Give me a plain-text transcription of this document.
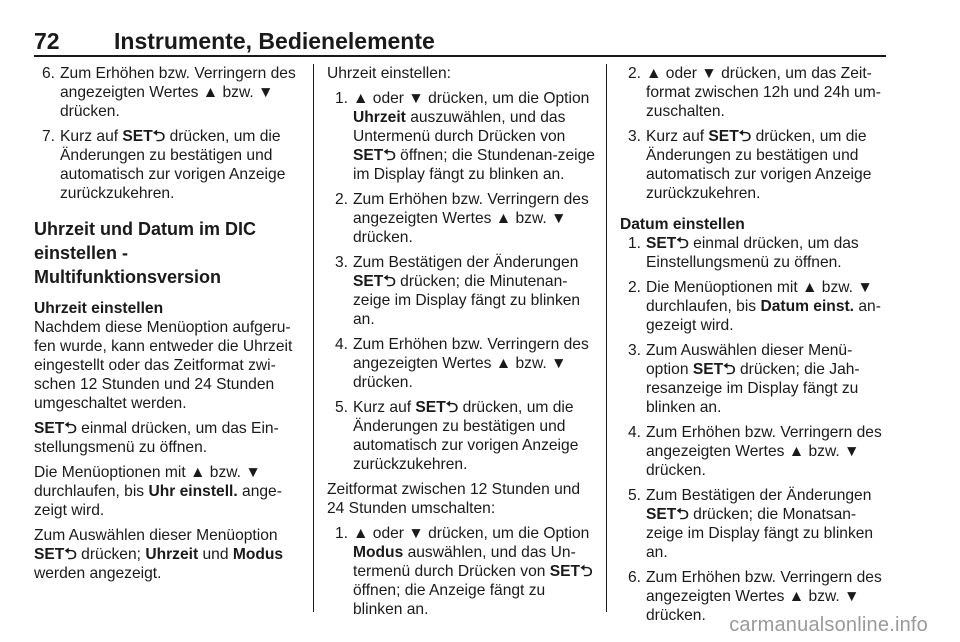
72 Instrumente, Bedienelemente
6. Zum Erhöhen bzw. Verringern des angezeigten Wertes ▲ bzw. ▼ drücken.
7. Kurz auf SET⮌ drücken, um die Änderungen zu bestätigen und automatisch zur vorigen Anzeige zurückzukehren.
Uhrzeit und Datum im DIC
einstellen - Multifunktionsversion

Uhrzeit einstellen

Nachdem diese Menüoption aufgeru-fen wurde, kann entweder die Uhrzeit eingestellt oder das Zeitformat zwi-schen 12 Stunden und 24 Stunden umgeschaltet werden.

SET⮌ einmal drücken, um das Ein-stellungsmenü zu öffnen.

Die Menüoptionen mit ▲ bzw. ▼ durchlaufen, bis Uhr einstell. ange-zeigt wird.

Zum Auswählen dieser Menüoption SET⮌ drücken; Uhrzeit und Modus werden angezeigt.

Uhrzeit einstellen:

1. ▲ oder ▼ drücken, um die Option Uhrzeit auszuwählen, und das Untermenü durch Drücken von SET⮌ öffnen; die Stundenan-zeige im Display fängt zu blinken an.
2. Zum Erhöhen bzw. Verringern des angezeigten Wertes ▲ bzw. ▼ drücken.
3. Zum Bestätigen der Änderungen SET⮌ drücken; die Minutenan-zeige im Display fängt zu blinken an.
4. Zum Erhöhen bzw. Verringern des angezeigten Wertes ▲ bzw. ▼ drücken.
5. Kurz auf SET⮌ drücken, um die Änderungen zu bestätigen und automatisch zur vorigen Anzeige zurückzukehren.

Zeitformat zwischen 12 Stunden und 24 Stunden umschalten:

1. ▲ oder ▼ drücken, um die Option Modus auswählen, und das Un-termenü durch Drücken von SET⮌ öffnen; die Anzeige fängt zu blinken an.
2. ▲ oder ▼ drücken, um das Zeit-format zwischen 12h und 24h um-zuschalten.
3. Kurz auf SET⮌ drücken, um die Änderungen zu bestätigen und automatisch zur vorigen Anzeige zurückzukehren.

Datum einstellen

1. SET⮌ einmal drücken, um das Einstellungsmenü zu öffnen.
2. Die Menüoptionen mit ▲ bzw. ▼ durchlaufen, bis Datum einst. an-gezeigt wird.
3. Zum Auswählen dieser Menü-option SET⮌ drücken; die Jah-resanzeige im Display fängt zu blinken an.
4. Zum Erhöhen bzw. Verringern des angezeigten Wertes ▲ bzw. ▼ drücken.
5. Zum Bestätigen der Änderungen SET⮌ drücken; die Monatsan-zeige im Display fängt zu blinken an.
6. Zum Erhöhen bzw. Verringern des angezeigten Wertes ▲ bzw. ▼ drücken.	carmanualsonline.info
